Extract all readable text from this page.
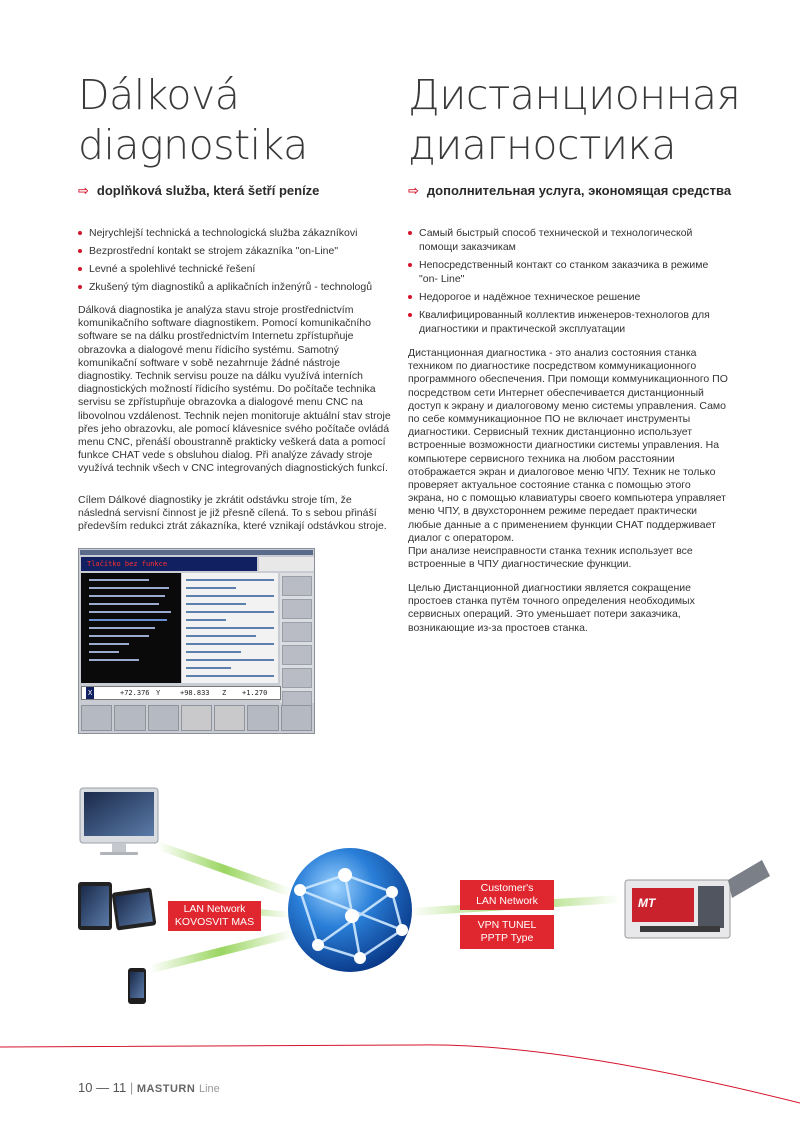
Dálková
diagnostika

⇨ doplňková služba, která šetří peníze

Nejrychlejší technická a technologická služba zákazníkovi
Bezprostřední kontakt se strojem zákazníka "on-Line"
Levné a spolehlivé technické řešení
Zkušený tým diagnostiků a aplikačních inženýrů - technologů

Dálková diagnostika je analýza stavu stroje prostřednictvím komunikačního software diagnostikem. Pomocí komunikačního software se na dálku prostřednictvím Internetu zpřístupňuje obrazovka a dialogové menu řídicího systému. Samotný komunikační software v sobě nezahrnuje žádné nástroje diagnostiky. Technik servisu pouze na dálku využívá interních diagnostických možností řídicího systému. Do počítače technika servisu se zpřístupňuje obrazovka a dialogové menu CNC na libovolnou vzdálenost. Technik nejen monitoruje aktuální stav stroje přes jeho obrazovku, ale pomocí klávesnice svého počítače ovládá menu CNC, přenáší oboustranně prakticky veškerá data a pomocí funkce CHAT vede s obsluhou dialog. Při analýze závady stroje využívá technik všech v CNC integrovaných diagnostických funkcí.

Cílem Dálkové diagnostiky je zkrátit odstávku stroje tím, že následná servisní činnost je již přesně cílená. To s sebou přináší především redukci ztrát zákazníka, které vznikají odstávkou stroje.

Дистанционная
диагностика

⇨ дополнительная услуга, экономящая средства

Самый быстрый способ технической и технологической помощи заказчикам
Непосредственный контакт со станком заказчика в режиме "on- Line"
Недорогое и надёжное техническое решение
Квалифицированный коллектив инженеров-технологов для диагностики и практической эксплуатации

Дистанционная диагностика - это анализ состояния станка техником по диагностике посредством коммуникационного программного обеспечения. При помощи коммуникационного ПО посредством сети Интернет обеспечивается дистанционный доступ к экрану и диалоговому меню системы управления. Само по себе коммуникационное ПО не включает инструменты диагностики. Сервисный техник дистанционно использует встроенные возможности диагностики системы управления. На компьютере сервисного техника на любом расстоянии отображается экран и диалоговое меню ЧПУ. Техник не только проверяет актуальное состояние станка с помощью этого экрана, но с помощью клавиатуры своего компьютера управляет меню ЧПУ, в двухстороннем режиме передает практически любые данные а с применением функции CHAT поддерживает диалог с оператором.
При анализе неисправности станка техник использует все встроенные в ЧПУ диагностические функции.

Целью Дистанционной диагностики является сокращение простоев станка путём точного определения необходимых сервисных операций. Это уменьшает потери заказчика, возникающие из-за простоев станка.

Tlačítko bez funkce
X	+72.376 Y	+98.833 Z +1.270
LAN Network
KOVOSVIT MAS
Customer's
LAN Network
VPN TUNEL
PPTP Type
MT
10 — 11 | MASTURN Line
